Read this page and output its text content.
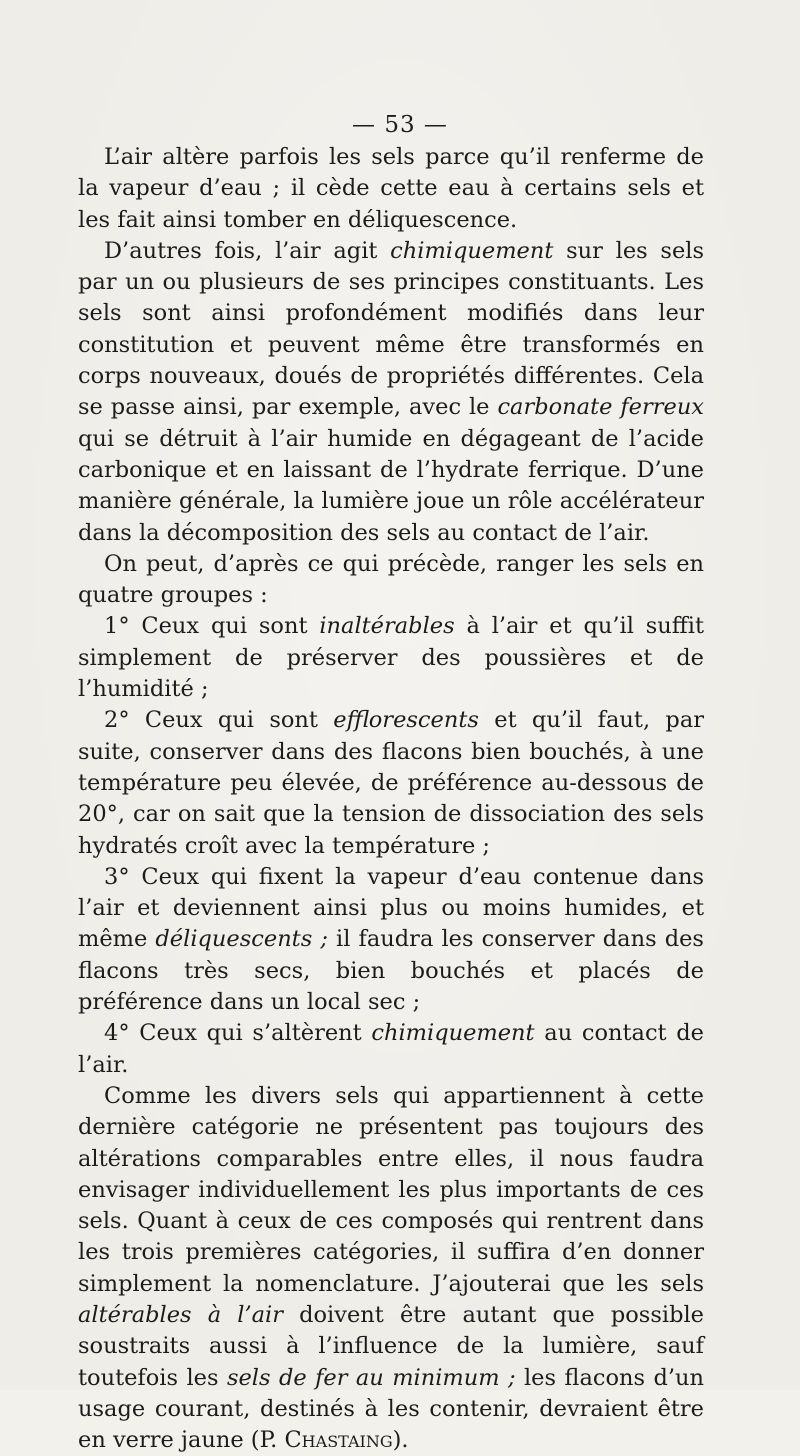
— 53 —

L’air altère parfois les sels parce qu’il renferme de la vapeur d’eau ; il cède cette eau à certains sels et les fait ainsi tomber en déliquescence.

D’autres fois, l’air agit chimiquement sur les sels par un ou plusieurs de ses principes constituants. Les sels sont ainsi profondément modifiés dans leur constitution et peuvent même être transformés en corps nouveaux, doués de propriétés différentes. Cela se passe ainsi, par exemple, avec le carbonate ferreux qui se détruit à l’air humide en dégageant de l’acide carbonique et en laissant de l’hydrate ferrique. D’une manière générale, la lumière joue un rôle accélérateur dans la décomposition des sels au contact de l’air.

On peut, d’après ce qui précède, ranger les sels en quatre groupes :

1° Ceux qui sont inaltérables à l’air et qu’il suffit simplement de préserver des poussières et de l’humidité ;

2° Ceux qui sont efflorescents et qu’il faut, par suite, conserver dans des flacons bien bouchés, à une température peu élevée, de préférence au-dessous de 20°, car on sait que la tension de dissociation des sels hydratés croît avec la température ;

3° Ceux qui fixent la vapeur d’eau contenue dans l’air et deviennent ainsi plus ou moins humides, et même déliquescents ; il faudra les conserver dans des flacons très secs, bien bouchés et placés de préférence dans un local sec ;

4° Ceux qui s’altèrent chimiquement au contact de l’air.

Comme les divers sels qui appartiennent à cette dernière catégorie ne présentent pas toujours des altérations comparables entre elles, il nous faudra envisager individuellement les plus importants de ces sels. Quant à ceux de ces composés qui rentrent dans les trois premières catégories, il suffira d’en donner simplement la nomenclature. J’ajouterai que les sels altérables à l’air doivent être autant que possible soustraits aussi à l’influence de la lumière, sauf toutefois les sels de fer au minimum ; les flacons d’un usage courant, destinés à les contenir, devraient être en verre jaune (P. Chastaing).
